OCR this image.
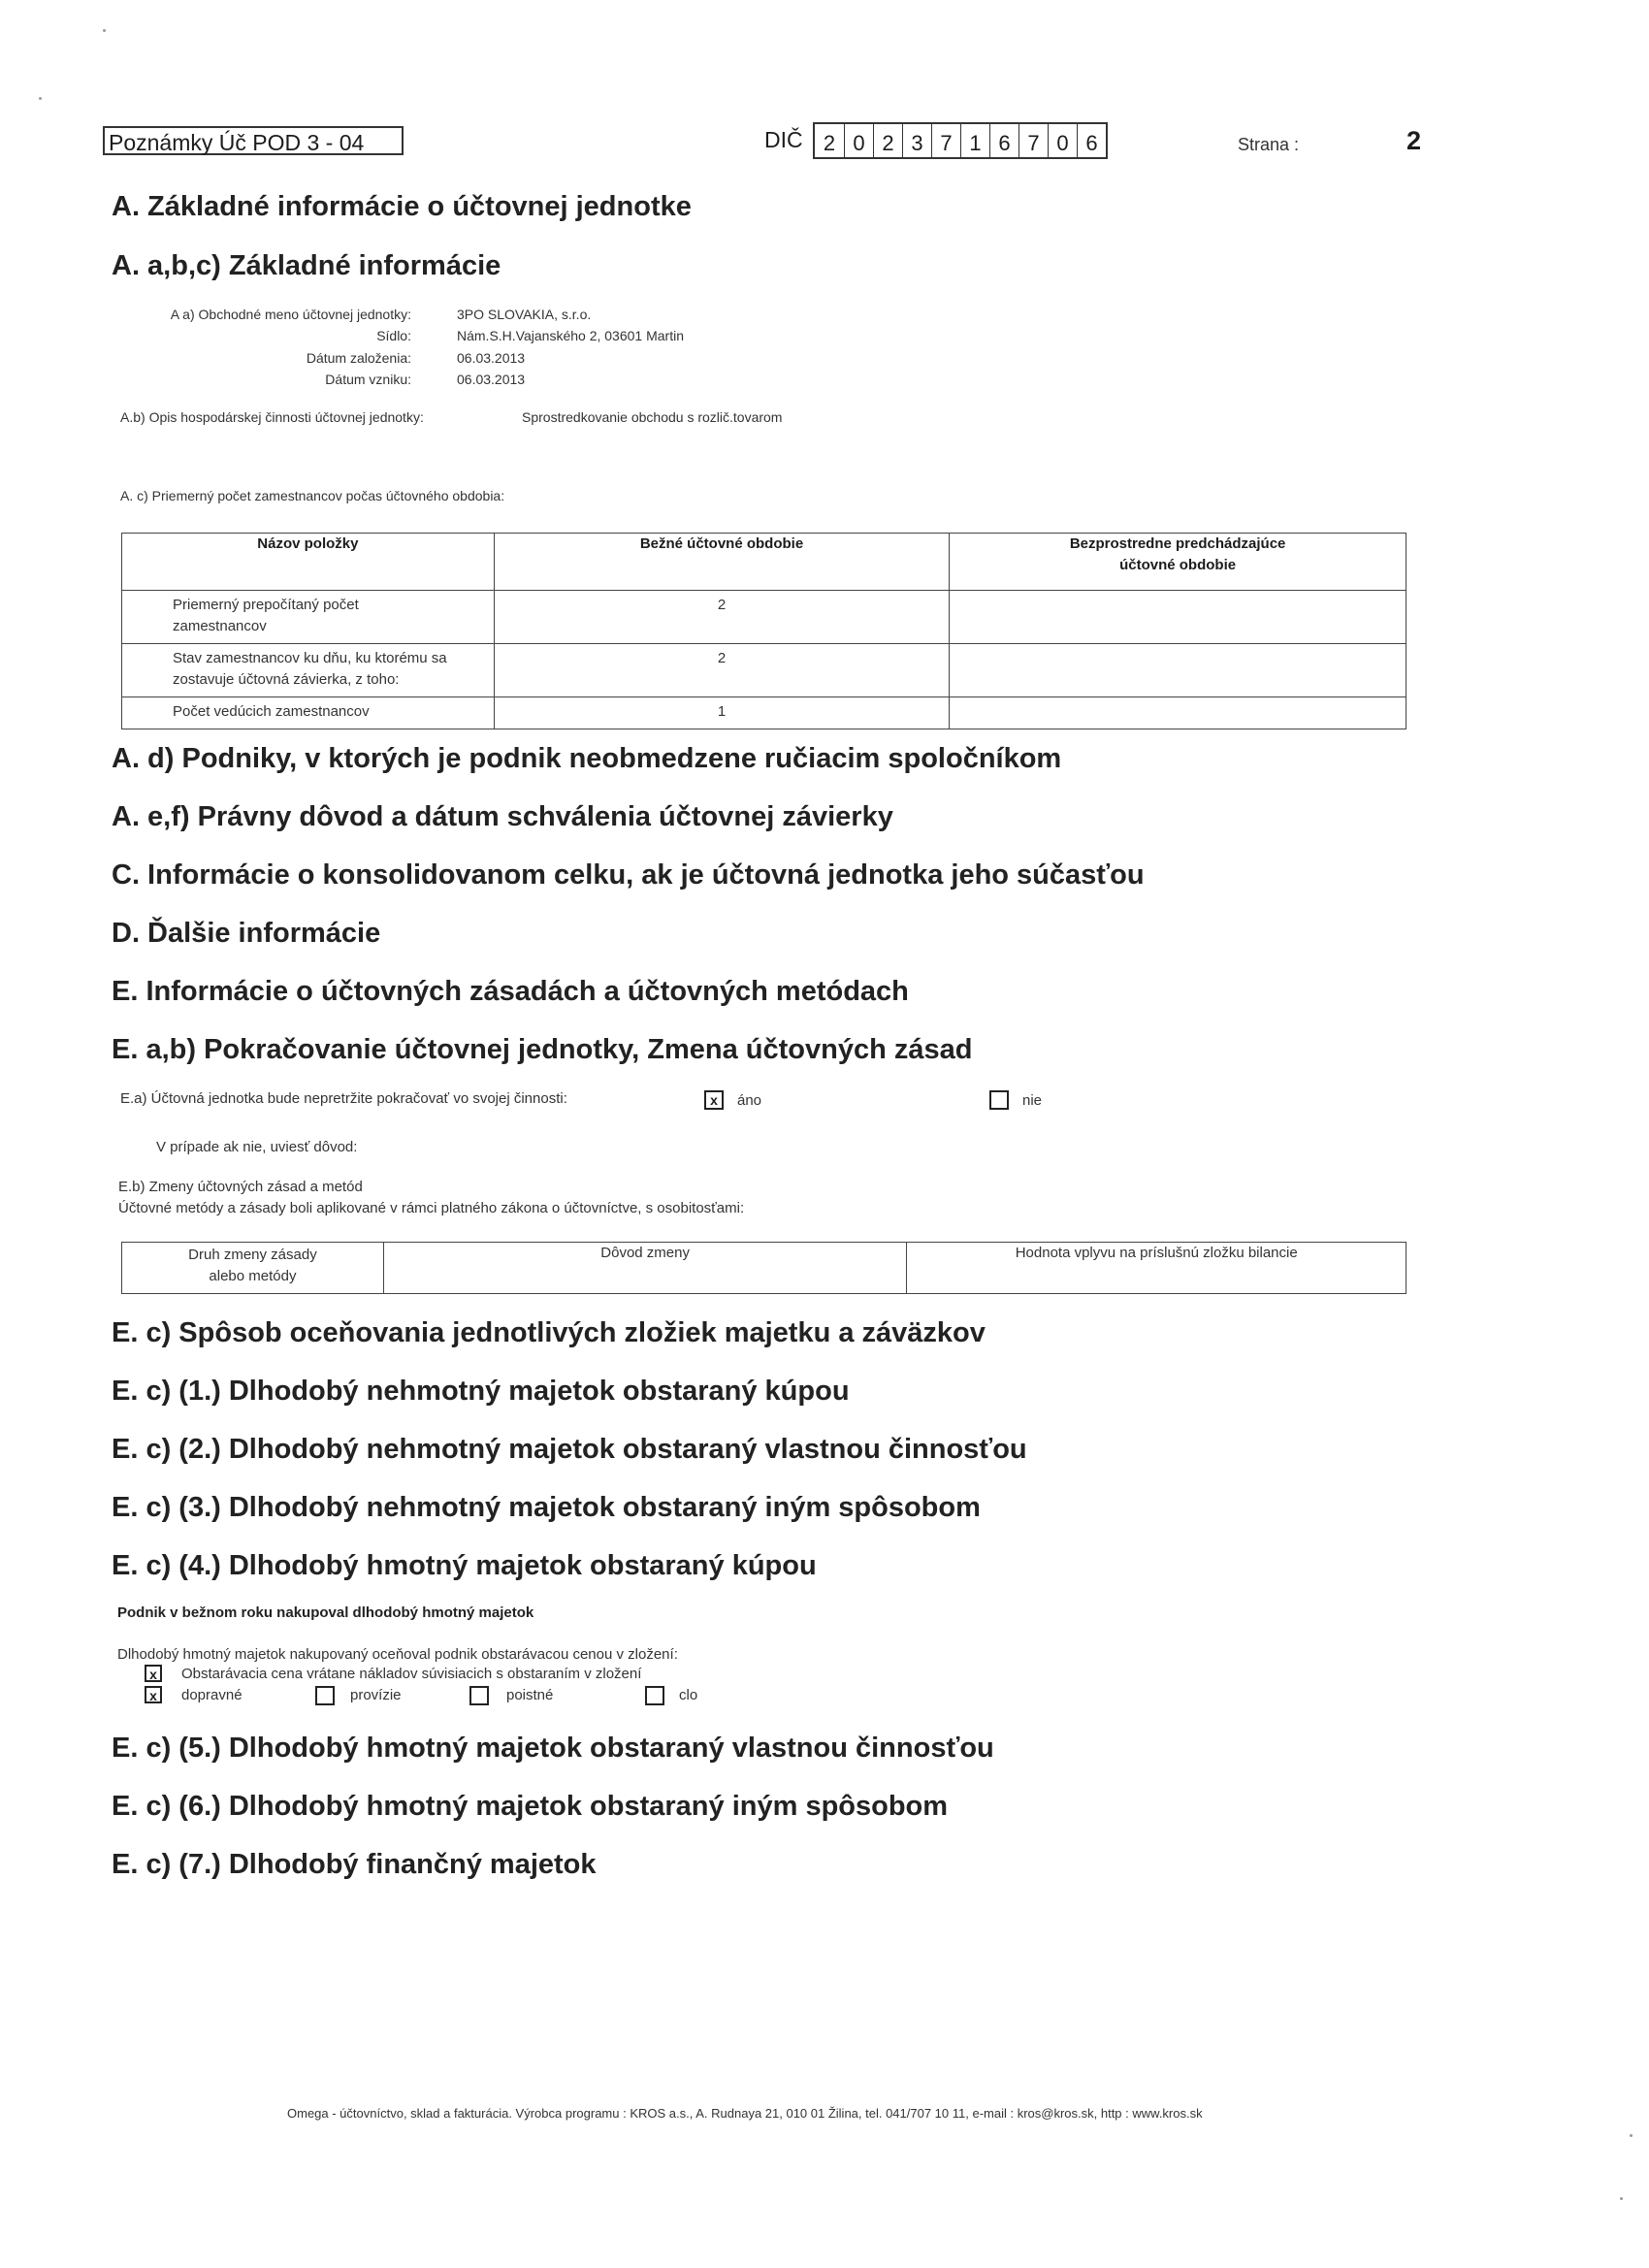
Poznámky Úč POD 3 - 04	DIČ 2 0 2 3 7 1 6 7 0 6	Strana :	2
A. Základné informácie o účtovnej jednotke
A. a,b,c) Základné informácie
A a) Obchodné meno účtovnej jednotky:	3PO SLOVAKIA, s.r.o.
Sídlo:	Nám.S.H.Vajanského 2, 03601 Martin
Dátum založenia:	06.03.2013
Dátum vzniku:	06.03.2013
A.b) Opis hospodárskej činnosti účtovnej jednotky:	Sprostredkovanie obchodu s rozlič.tovarom
A. c) Priemerný počet zamestnancov počas účtovného obdobia:
Názov položky	Bežné účtovné obdobie	Bezprostredne predchádzajúce účtovné obdobie
Priemerný prepočítaný počet zamestnancov	2	
Stav zamestnancov ku dňu, ku ktorému sa zostavuje účtovná závierka, z toho:	2	
Počet vedúcich zamestnancov	1	
A. d) Podniky, v ktorých je podnik neobmedzene ručiacim spoločníkom
A. e,f) Právny dôvod a dátum schválenia účtovnej závierky
C. Informácie o konsolidovanom celku, ak je účtovná jednotka jeho súčasťou
D. Ďalšie informácie
E. Informácie o účtovných zásadách a účtovných metódach
E. a,b) Pokračovanie účtovnej jednotky, Zmena účtovných zásad
E.a) Účtovná jednotka bude nepretržite pokračovať vo svojej činnosti:	x	áno	nie
V prípade ak nie, uviesť dôvod:
E.b) Zmeny účtovných zásad a metód
Účtovné metódy a zásady boli aplikované v rámci platného zákona o účtovníctve, s osobitosťami:
Druh zmeny zásady alebo metódy	Dôvod zmeny	Hodnota vplyvu na príslušnú zložku bilancie
E. c) Spôsob oceňovania jednotlivých zložiek majetku a záväzkov
E. c) (1.) Dlhodobý nehmotný majetok obstaraný kúpou
E. c) (2.) Dlhodobý nehmotný majetok obstaraný vlastnou činnosťou
E. c) (3.) Dlhodobý nehmotný majetok obstaraný iným spôsobom
E. c) (4.) Dlhodobý hmotný majetok obstaraný kúpou
Podnik v bežnom roku nakupoval dlhodobý hmotný majetok
Dlhodobý hmotný majetok nakupovaný oceňoval podnik obstarávacou cenou v zložení:
x	Obstarávacia cena vrátane nákladov súvisiacich s obstaraním v zložení
x	dopravné	provízie	poistné	clo
E. c) (5.) Dlhodobý hmotný majetok obstaraný vlastnou činnosťou
E. c) (6.) Dlhodobý hmotný majetok obstaraný iným spôsobom
E. c) (7.) Dlhodobý finančný majetok
Omega - účtovníctvo, sklad a fakturácia. Výrobca programu : KROS a.s., A. Rudnaya 21, 010 01 Žilina, tel. 041/707 10 11, e-mail : kros@kros.sk, http : www.kros.sk
